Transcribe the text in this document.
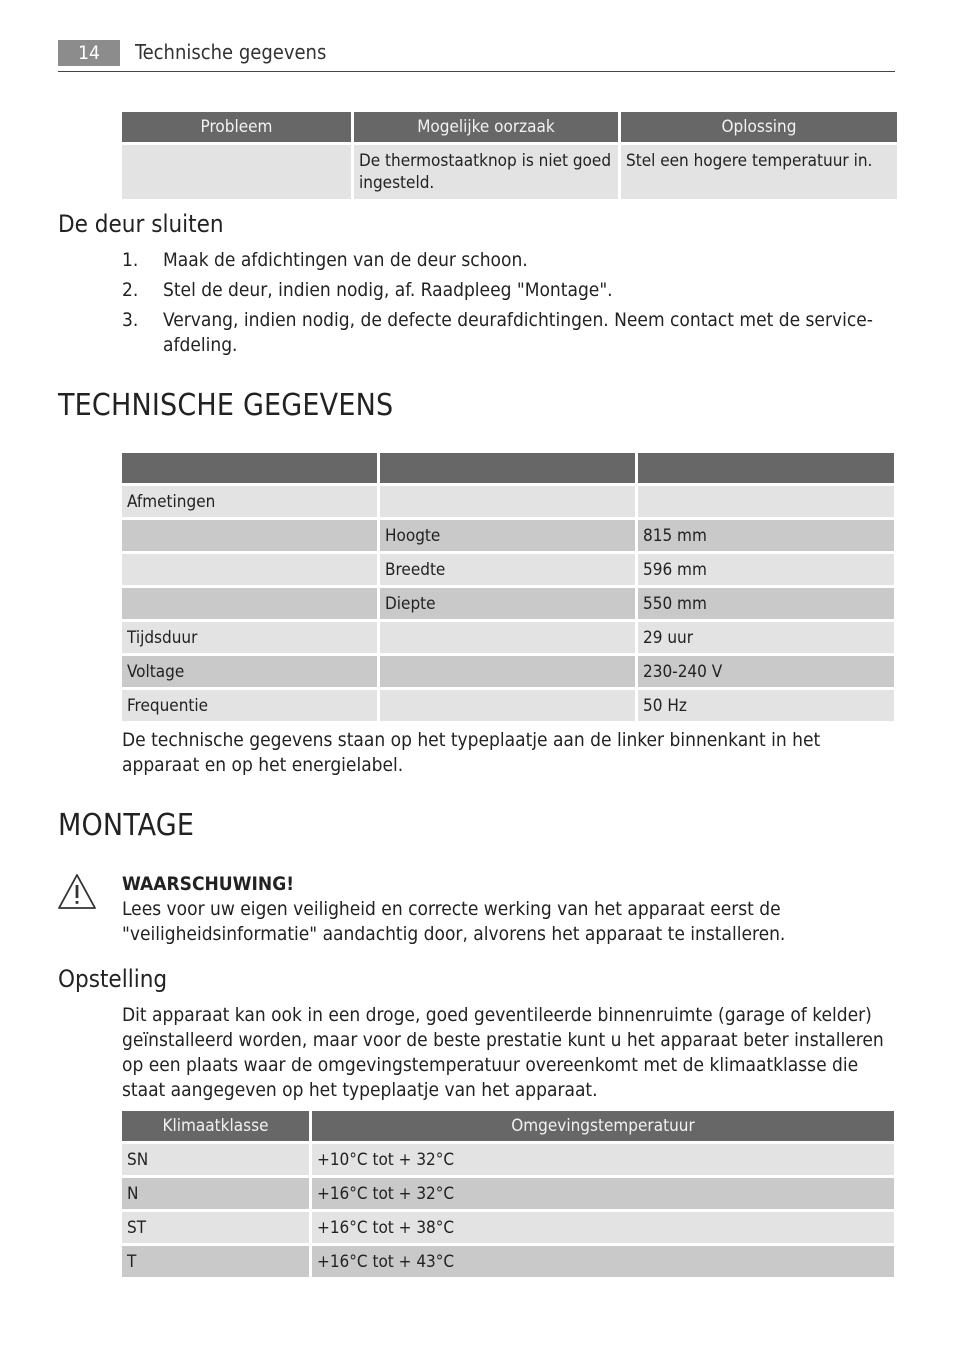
14	Technische gegevens
Probleem	Mogelijke oorzaak	Oplossing
	De thermostaatknop is niet goed ingesteld.	Stel een hogere temperatuur in.
De deur sluiten
1.	Maak de afdichtingen van de deur schoon.
2.	Stel de deur, indien nodig, af. Raadpleeg "Montage".
3.	Vervang, indien nodig, de defecte deurafdichtingen. Neem contact met de service-afdeling.
TECHNISCHE GEGEVENS

Afmetingen		
	Hoogte	815 mm
	Breedte	596 mm
	Diepte	550 mm
Tijdsduur		29 uur
Voltage		230-240 V
Frequentie		50 Hz
De technische gegevens staan op het typeplaatje aan de linker binnenkant in het apparaat en op het energielabel.
MONTAGE
WAARSCHUWING!
Lees voor uw eigen veiligheid en correcte werking van het apparaat eerst de "veiligheidsinformatie" aandachtig door, alvorens het apparaat te installeren.
Opstelling
Dit apparaat kan ook in een droge, goed geventileerde binnenruimte (garage of kelder) geïnstalleerd worden, maar voor de beste prestatie kunt u het apparaat beter installeren op een plaats waar de omgevingstemperatuur overeenkomt met de klimaatklasse die staat aangegeven op het typeplaatje van het apparaat.
Klimaatklasse	Omgevingstemperatuur
SN	+10°C tot + 32°C
N	+16°C tot + 32°C
ST	+16°C tot + 38°C
T	+16°C tot + 43°C
